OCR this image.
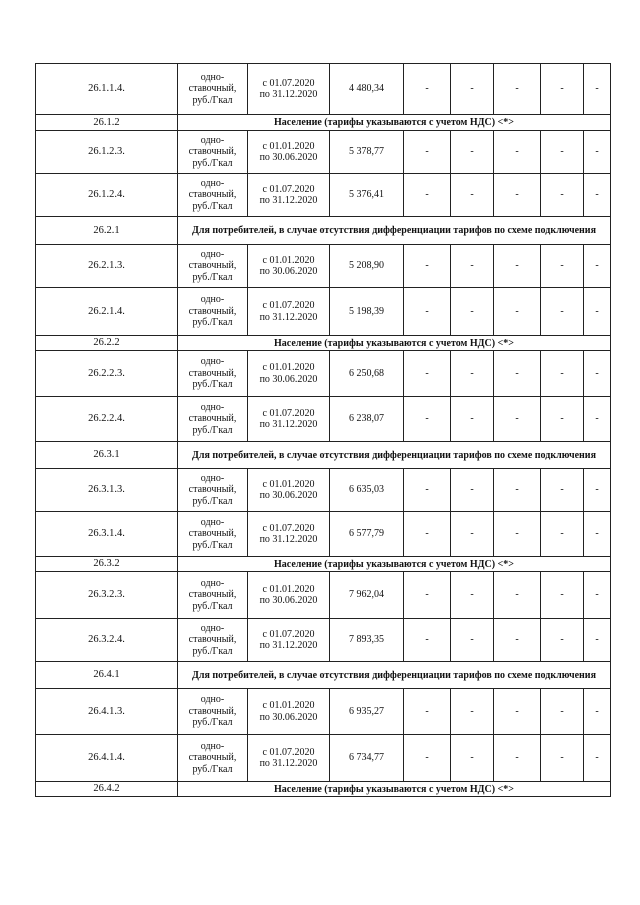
26.1.1.4.		одно-
ставочный,
руб./Гкал	с 01.07.2020
по 31.12.2020	4 480,34	-	-	-	-	-
26.1.2	Население (тарифы указываются с учетом НДС) <*>							
26.1.2.3.	одно-
ставочный,
руб./Гкал	с 01.01.2020
по 30.06.2020	5 378,77	-	-	-	-	-
26.1.2.4.	одно-
ставочный,
руб./Гкал	с 01.07.2020
по 31.12.2020	5 376,41	-	-	-	-	-
26.2.1		Для потребителей, в случае отсутствия дифференциации тарифов по схеме подключения							
26.2.1.3.	одно-
ставочный,
руб./Гкал	с 01.01.2020
по 30.06.2020	5 208,90	-	-	-	-	-
26.2.1.4.	одно-
ставочный,
руб./Гкал	с 01.07.2020
по 31.12.2020	5 198,39	-	-	-	-	-
26.2.2	Население (тарифы указываются с учетом НДС) <*>							
26.2.2.3.	одно-
ставочный,
руб./Гкал	с 01.01.2020
по 30.06.2020	6 250,68	-	-	-	-	-
26.2.2.4.	одно-
ставочный,
руб./Гкал	с 01.07.2020
по 31.12.2020	6 238,07	-	-	-	-	-
26.3.1		Для потребителей, в случае отсутствия дифференциации тарифов по схеме подключения							
26.3.1.3.	одно-
ставочный,
руб./Гкал	с 01.01.2020
по 30.06.2020	6 635,03	-	-	-	-	-
26.3.1.4.	одно-
ставочный,
руб./Гкал	с 01.07.2020
по 31.12.2020	6 577,79	-	-	-	-	-
26.3.2	Население (тарифы указываются с учетом НДС) <*>							
26.3.2.3.	одно-
ставочный,
руб./Гкал	с 01.01.2020
по 30.06.2020	7 962,04	-	-	-	-	-
26.3.2.4.	одно-
ставочный,
руб./Гкал	с 01.07.2020
по 31.12.2020	7 893,35	-	-	-	-	-
26.4.1		Для потребителей, в случае отсутствия дифференциации тарифов по схеме подключения							
26.4.1.3.	одно-
ставочный,
руб./Гкал	с 01.01.2020
по 30.06.2020	6 935,27	-	-	-	-	-
26.4.1.4.	одно-
ставочный,
руб./Гкал	с 01.07.2020
по 31.12.2020	6 734,77	-	-	-	-	-
26.4.2	Население (тарифы указываются с учетом НДС) <*>							
